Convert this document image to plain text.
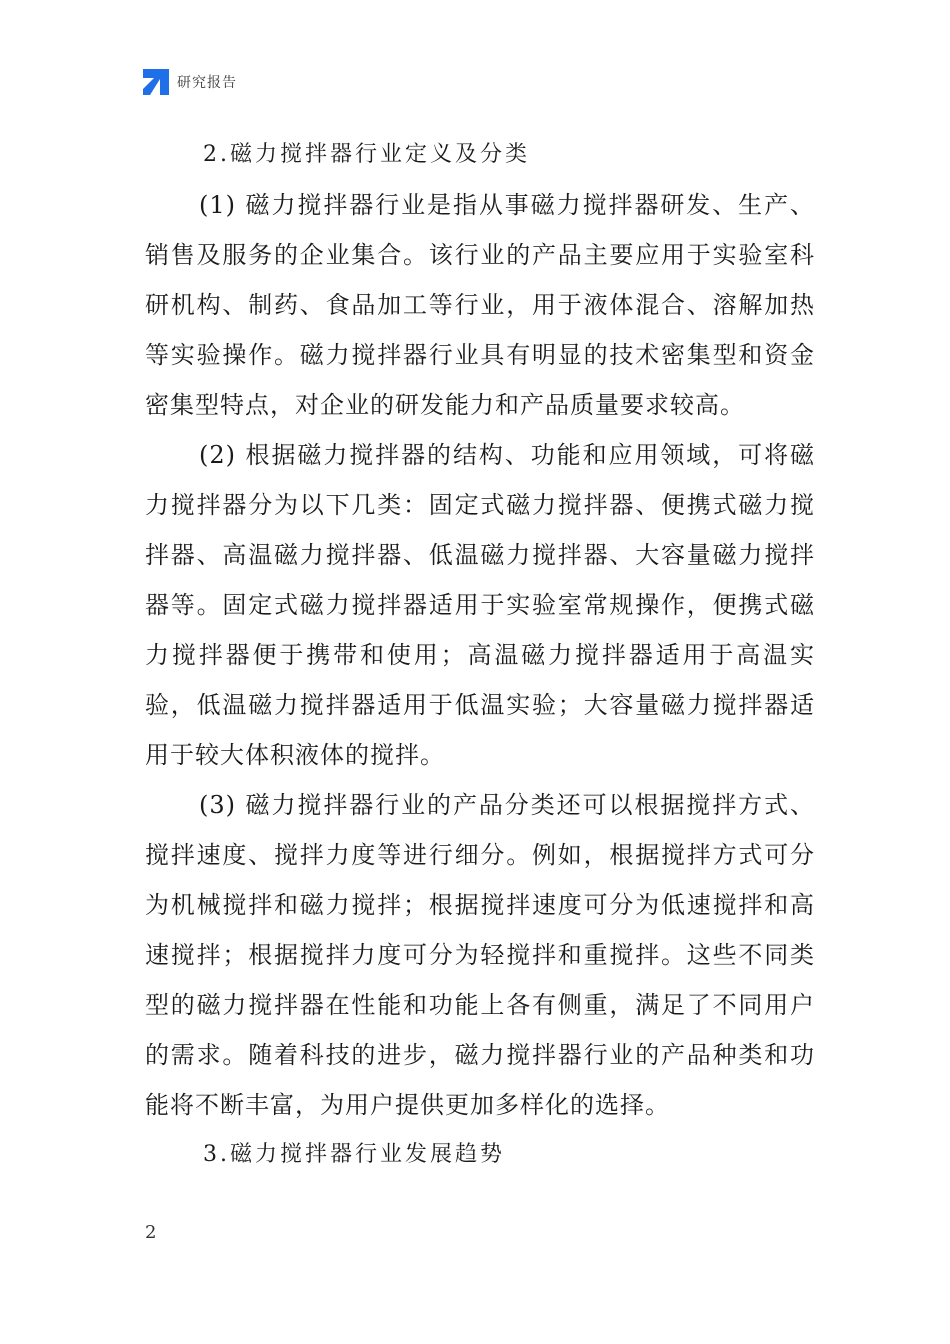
研究报告
2.磁力搅拌器行业定义及分类

(1) 磁力搅拌器行业是指从事磁力搅拌器研发、生产、销售及服务的企业集合。该行业的产品主要应用于实验室科研机构、制药、食品加工等行业，用于液体混合、溶解加热等实验操作。磁力搅拌器行业具有明显的技术密集型和资金密集型特点，对企业的研发能力和产品质量要求较高。

(2) 根据磁力搅拌器的结构、功能和应用领域，可将磁力搅拌器分为以下几类：固定式磁力搅拌器、便携式磁力搅拌器、高温磁力搅拌器、低温磁力搅拌器、大容量磁力搅拌器等。固定式磁力搅拌器适用于实验室常规操作，便携式磁力搅拌器便于携带和使用；高温磁力搅拌器适用于高温实验，低温磁力搅拌器适用于低温实验；大容量磁力搅拌器适用于较大体积液体的搅拌。

(3) 磁力搅拌器行业的产品分类还可以根据搅拌方式、搅拌速度、搅拌力度等进行细分。例如，根据搅拌方式可分为机械搅拌和磁力搅拌；根据搅拌速度可分为低速搅拌和高速搅拌；根据搅拌力度可分为轻搅拌和重搅拌。这些不同类型的磁力搅拌器在性能和功能上各有侧重，满足了不同用户的需求。随着科技的进步，磁力搅拌器行业的产品种类和功能将不断丰富，为用户提供更加多样化的选择。

3.磁力搅拌器行业发展趋势
2
